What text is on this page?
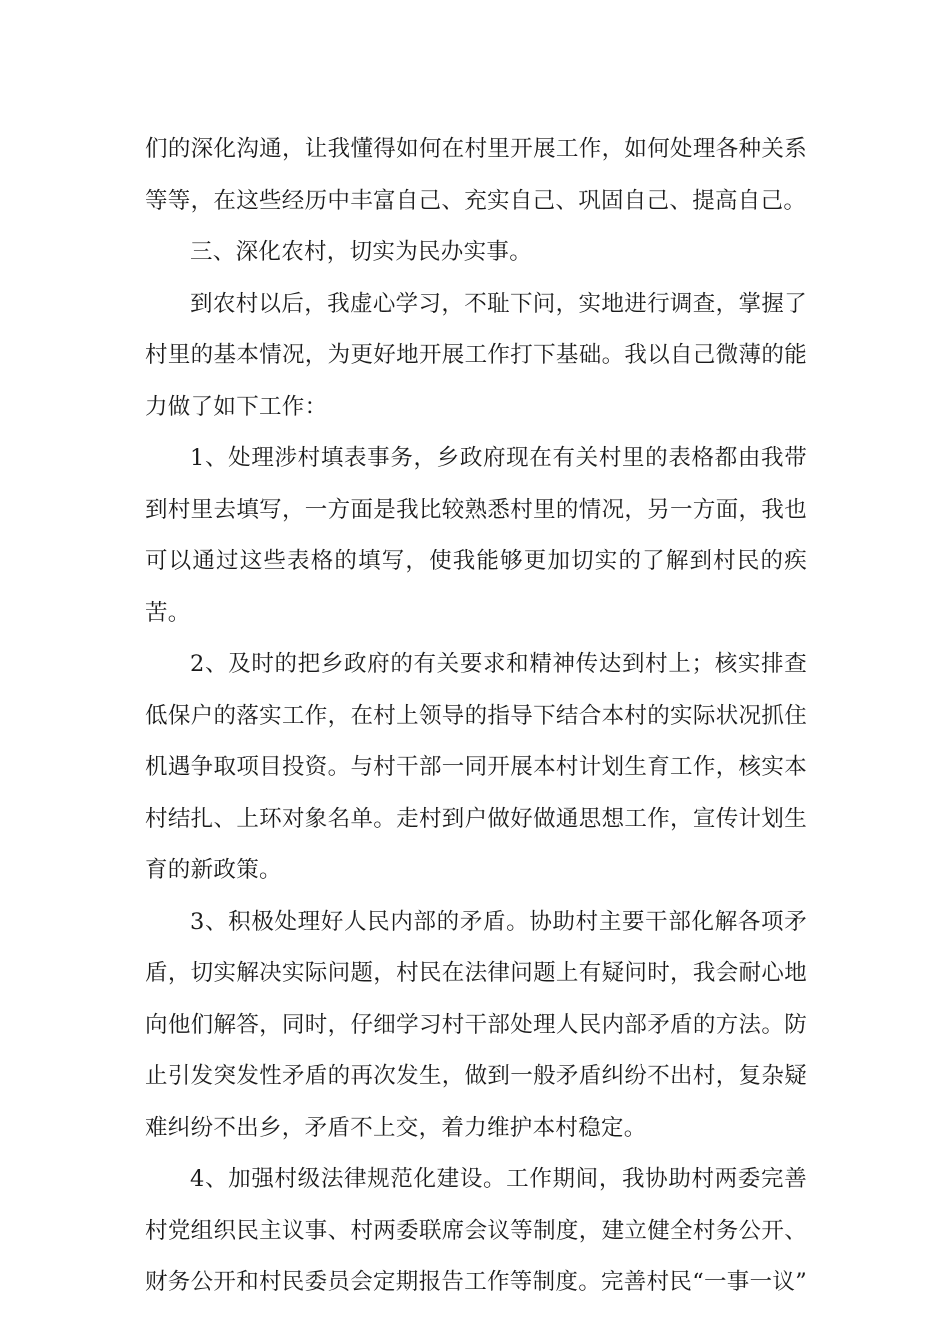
们的深化沟通，让我懂得如何在村里开展工作，如何处理各种关系等等，在这些经历中丰富自己、充实自己、巩固自己、提高自己。

三、深化农村，切实为民办实事。

到农村以后，我虚心学习，不耻下问，实地进行调查，掌握了村里的基本情况，为更好地开展工作打下基础。我以自己微薄的能力做了如下工作：

1、处理涉村填表事务，乡政府现在有关村里的表格都由我带到村里去填写，一方面是我比较熟悉村里的情况，另一方面，我也可以通过这些表格的填写，使我能够更加切实的了解到村民的疾苦。

2、及时的把乡政府的有关要求和精神传达到村上；核实排查低保户的落实工作，在村上领导的指导下结合本村的实际状况抓住机遇争取项目投资。与村干部一同开展本村计划生育工作，核实本村结扎、上环对象名单。走村到户做好做通思想工作，宣传计划生育的新政策。

3、积极处理好人民内部的矛盾。协助村主要干部化解各项矛盾，切实解决实际问题，村民在法律问题上有疑问时，我会耐心地向他们解答，同时，仔细学习村干部处理人民内部矛盾的方法。防止引发突发性矛盾的再次发生，做到一般矛盾纠纷不出村，复杂疑难纠纷不出乡，矛盾不上交，着力维护本村稳定。

4、加强村级法律规范化建设。工作期间，我协助村两委完善村党组织民主议事、村两委联席会议等制度，建立健全村务公开、财务公开和村民委员会定期报告工作等制度。完善村民“一事一议”
